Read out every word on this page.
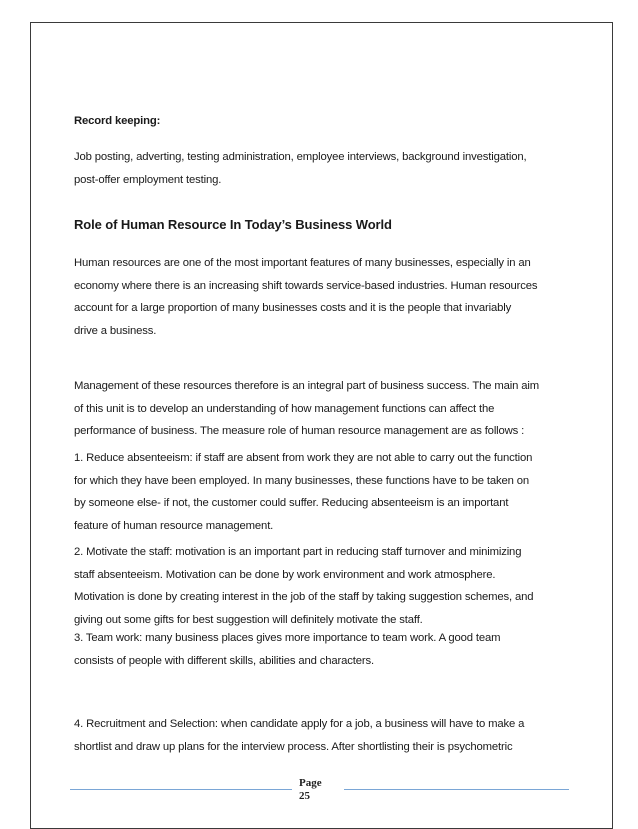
Record keeping:

Job posting, adverting, testing administration, employee interviews, background investigation,
post-offer employment testing.
Role of Human Resource In Today’s Business World
Human resources are one of the most important features of many businesses, especially in an
economy where there is an increasing shift towards service-based industries. Human resources
account for a large proportion of many businesses costs and it is the people that invariably
drive a business.
Management of these resources therefore is an integral part of business success. The main aim
of this unit is to develop an understanding of how management functions can affect the
performance of business. The measure role of human resource management are as follows :
1. Reduce absenteeism: if staff are absent from work they are not able to carry out the function
for which they have been employed. In many businesses, these functions have to be taken on
by someone else- if not, the customer could suffer. Reducing absenteeism is an important
feature of human resource management.
2. Motivate the staff: motivation is an important part in reducing staff turnover and minimizing
staff absenteeism. Motivation can be done by work environment and work atmosphere.
Motivation is done by creating interest in the job of the staff by taking suggestion schemes, and
giving out some gifts for best suggestion will definitely motivate the staff.
3. Team work: many business places gives more importance to team work. A good team
consists of people with different skills, abilities and characters.
4. Recruitment and Selection: when candidate apply for a job, a business will have to make a
shortlist and draw up plans for the interview process. After shortlisting their is psychometric
Page
25
